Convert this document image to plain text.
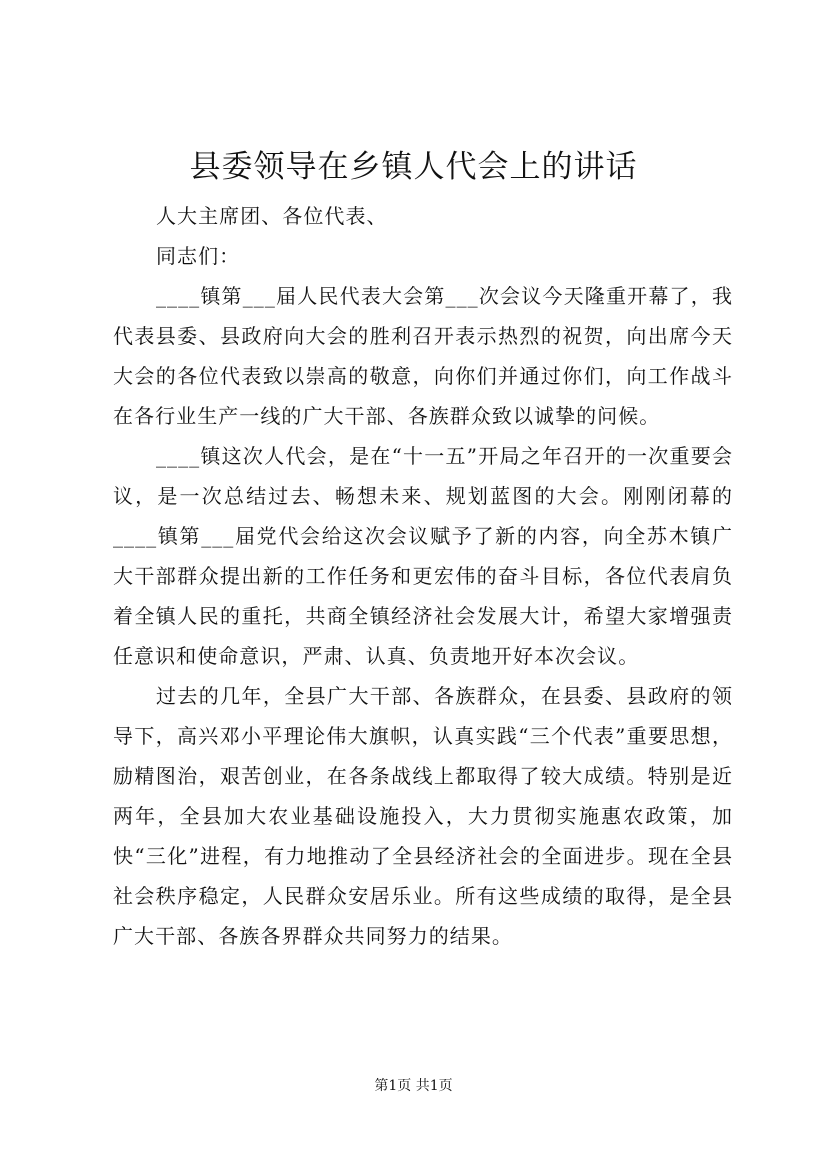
县委领导在乡镇人代会上的讲话

人大主席团、各位代表、

同志们：

____镇第___届人民代表大会第___次会议今天隆重开幕了，我代表县委、县政府向大会的胜利召开表示热烈的祝贺，向出席今天大会的各位代表致以崇高的敬意，向你们并通过你们，向工作战斗在各行业生产一线的广大干部、各族群众致以诚挚的问候。

____镇这次人代会，是在“十一五”开局之年召开的一次重要会议，是一次总结过去、畅想未来、规划蓝图的大会。刚刚闭幕的____镇第___届党代会给这次会议赋予了新的内容，向全苏木镇广大干部群众提出新的工作任务和更宏伟的奋斗目标，各位代表肩负着全镇人民的重托，共商全镇经济社会发展大计，希望大家增强责任意识和使命意识，严肃、认真、负责地开好本次会议。

过去的几年，全县广大干部、各族群众，在县委、县政府的领导下，高兴邓小平理论伟大旗帜，认真实践“三个代表”重要思想，励精图治，艰苦创业，在各条战线上都取得了较大成绩。特别是近两年，全县加大农业基础设施投入，大力贯彻实施惠农政策，加快“三化”进程，有力地推动了全县经济社会的全面进步。现在全县社会秩序稳定，人民群众安居乐业。所有这些成绩的取得，是全县广大干部、各族各界群众共同努力的结果。

第1页 共1页
